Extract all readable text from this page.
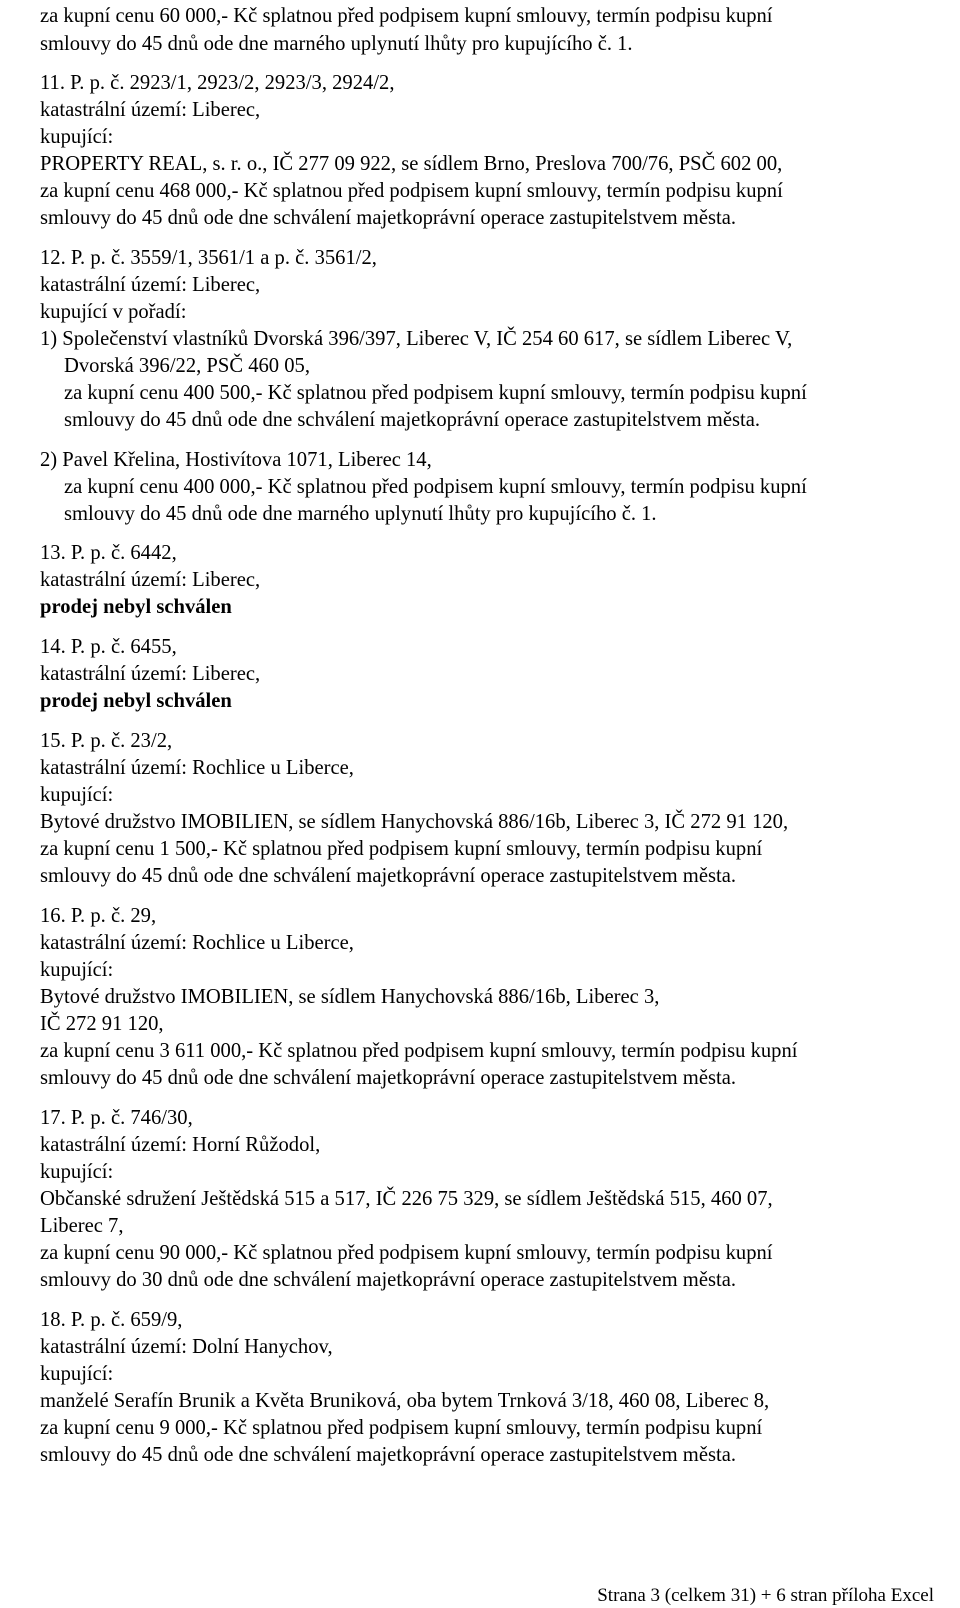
za kupní cenu 60 000,- Kč splatnou před podpisem kupní smlouvy, termín podpisu kupní
smlouvy do 45 dnů ode dne marného uplynutí lhůty pro kupujícího č. 1.
11. P. p. č. 2923/1, 2923/2, 2923/3, 2924/2,
katastrální území: Liberec,
kupující:
PROPERTY REAL, s. r. o., IČ 277 09 922, se sídlem Brno, Preslova 700/76, PSČ 602 00,
za kupní cenu 468 000,- Kč splatnou před podpisem kupní smlouvy, termín podpisu kupní
smlouvy do 45 dnů ode dne schválení majetkoprávní operace zastupitelstvem města.
12. P. p. č. 3559/1, 3561/1 a p. č. 3561/2,
katastrální území: Liberec,
kupující v pořadí:
1) Společenství vlastníků Dvorská 396/397, Liberec V, IČ 254 60 617, se sídlem Liberec V,
Dvorská 396/22, PSČ 460 05,
za kupní cenu 400 500,- Kč splatnou před podpisem kupní smlouvy, termín podpisu kupní
smlouvy do 45 dnů ode dne schválení majetkoprávní operace zastupitelstvem města.
2) Pavel Křelina, Hostivítova 1071, Liberec 14,
za kupní cenu 400 000,- Kč splatnou před podpisem kupní smlouvy, termín podpisu kupní
smlouvy do 45 dnů ode dne marného uplynutí lhůty pro kupujícího č. 1.
13. P. p. č. 6442,
katastrální území: Liberec,
prodej nebyl schválen
14. P. p. č. 6455,
katastrální území: Liberec,
prodej nebyl schválen
15. P. p. č. 23/2,
katastrální území: Rochlice u Liberce,
kupující:
Bytové družstvo IMOBILIEN, se sídlem Hanychovská 886/16b, Liberec 3, IČ 272 91 120,
za kupní cenu 1 500,- Kč splatnou před podpisem kupní smlouvy, termín podpisu kupní
smlouvy do 45 dnů ode dne schválení majetkoprávní operace zastupitelstvem města.
16. P. p. č. 29,
katastrální území: Rochlice u Liberce,
kupující:
Bytové družstvo IMOBILIEN, se sídlem Hanychovská 886/16b, Liberec 3,
IČ 272 91 120,
za kupní cenu 3 611 000,- Kč splatnou před podpisem kupní smlouvy, termín podpisu kupní
smlouvy do 45 dnů ode dne schválení majetkoprávní operace zastupitelstvem města.
17. P. p. č. 746/30,
katastrální území: Horní Růžodol,
kupující:
Občanské sdružení Ještědská 515 a 517, IČ 226 75 329, se sídlem Ještědská 515, 460 07,
Liberec 7,
za kupní cenu 90 000,- Kč splatnou před podpisem kupní smlouvy, termín podpisu kupní
smlouvy do 30 dnů ode dne schválení majetkoprávní operace zastupitelstvem města.
18. P. p. č. 659/9,
katastrální území: Dolní Hanychov,
kupující:
manželé Serafín Brunik a Květa Bruniková, oba bytem Trnková 3/18, 460 08, Liberec 8,
za kupní cenu 9 000,- Kč splatnou před podpisem kupní smlouvy, termín podpisu kupní
smlouvy do 45 dnů ode dne schválení majetkoprávní operace zastupitelstvem města.
Strana 3 (celkem 31) + 6 stran příloha Excel
